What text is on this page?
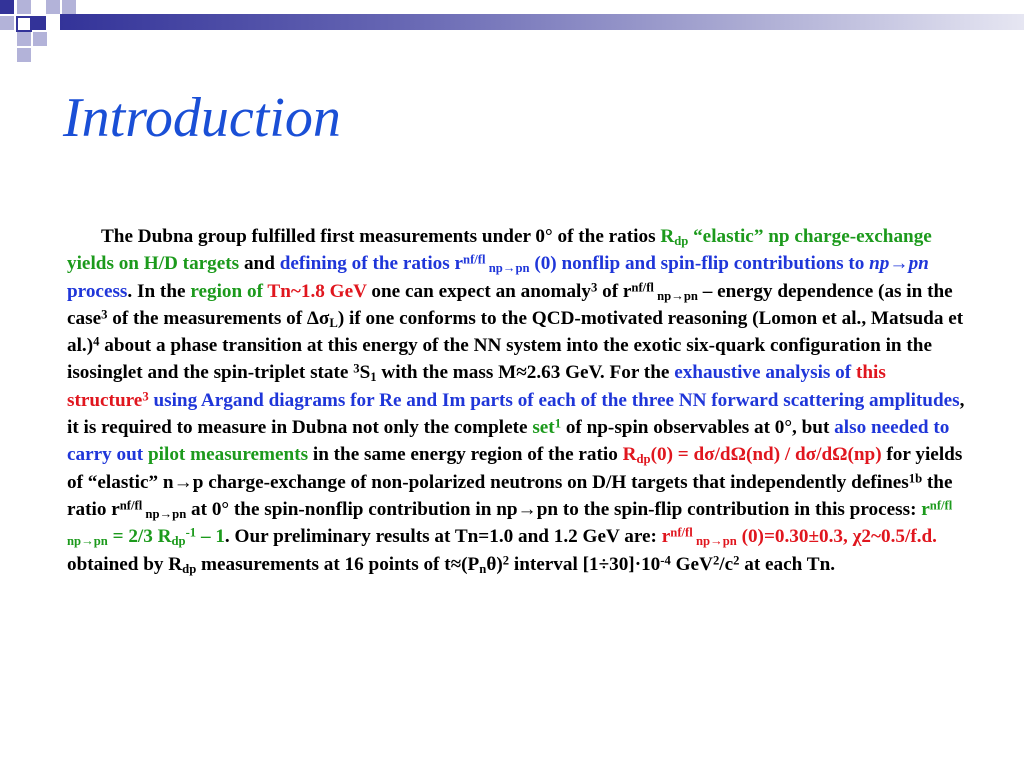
Introduction

The Dubna group fulfilled first measurements under 0° of the ratios $R_{dp}$ “elastic” np charge-exchange yields on H/D targets and defining of the ratios $r^{nf/fl}$ $_{np\to pn}$ (0) nonflip and spin-flip contributions to np→pn process. In the region of Tn~1.8 GeV one can expect an anomaly$^3$ of $r^{nf/fl}$ $_{np\to pn}$ – energy dependence (as in the case$^3$ of the measurements of $\Delta\sigma_L$) if one conforms to the QCD-motivated reasoning (Lomon et al., Matsuda et al.)$^4$ about a phase transition at this energy of the NN system into the exotic six-quark configuration in the isosinglet and the spin-triplet state $^3S_1$ with the mass M≈2.63 GeV. For the exhaustive analysis of this structure$^3$ using Argand diagrams for Re and Im parts of each of the three NN forward scattering amplitudes, it is required to measure in Dubna not only the complete set$^1$ of np-spin observables at 0°, but also needed to carry out pilot measurements in the same energy region of the ratio $R_{dp}(0) = d\sigma/d\Omega(nd) / d\sigma/d\Omega(np)$ for yields of “elastic” n→p charge-exchange of non-polarized neutrons on D/H targets that independently defines$^{1b}$ the ratio $r^{nf/fl}$ $_{np\to pn}$ at 0° the spin-nonflip contribution in np→pn to the spin-flip contribution in this process: $r^{nf/fl}$ $_{np\to pn}$ = 2/3 $R_{dp}^{-1} - 1$. Our preliminary results at Tn=1.0 and 1.2 GeV are: $r^{nf/fl}$ $_{np\to pn}$ (0)=0.30±0.3, χ2~0.5/f.d. obtained by $R_{dp}$ measurements at 16 points of $t\approx(P_n\theta)^2$ interval $[1\div 30]\cdot 10^{-4}$ $GeV^2/c^2$ at each Tn.
